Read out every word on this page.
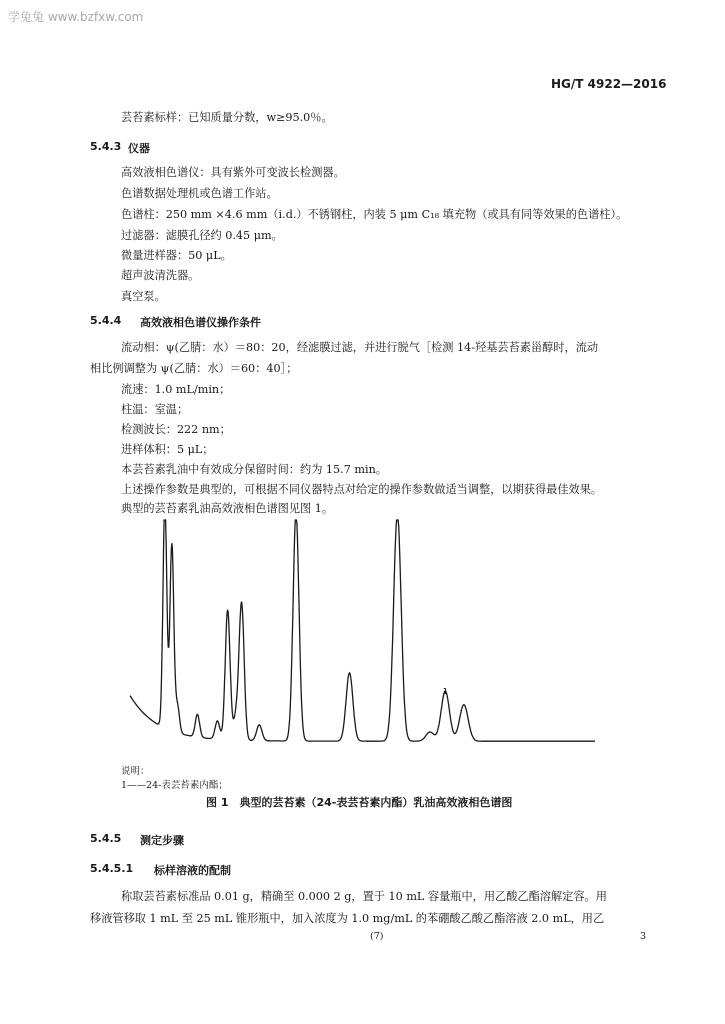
学兔兔 www.bzfxw.com
HG/T 4922—2016
芸苔素标样：已知质量分数，w≥95.0％。
5.4.3 仪器
高效液相色谱仪：具有紫外可变波长检测器。
色谱数据处理机或色谱工作站。
色谱柱：250 mm ×4.6 mm（i.d.）不锈钢柱，内装 5 μm C₁₈ 填充物（或具有同等效果的色谱柱）。
过滤器：滤膜孔径约 0.45 μm。
微量进样器：50 μL。
超声波清洗器。
真空泵。
5.4.4 高效液相色谱仪操作条件
流动相：ψ(乙腈：水）＝80：20，经滤膜过滤，并进行脱气［检测 14-羟基芸苔素甾醇时，流动
相比例调整为 ψ(乙腈：水）＝60：40］；
流速：1.0 mL/min；
柱温：室温；
检测波长：222 nm；
进样体积：5 μL；
本芸苔素乳油中有效成分保留时间：约为 15.7 min。
上述操作参数是典型的，可根据不同仪器特点对给定的操作参数做适当调整，以期获得最佳效果。
典型的芸苔素乳油高效液相色谱图见图 1。
1
说明：
1——24-表芸苔素内酯；
图 1　典型的芸苔素（24-表芸苔素内酯）乳油高效液相色谱图
5.4.5 测定步骤
5.4.5.1 标样溶液的配制
称取芸苔素标准品 0.01 g，精确至 0.000 2 g，置于 10 mL 容量瓶中，用乙酸乙酯溶解定容。用
移液管移取 1 mL 至 25 mL 锥形瓶中，加入浓度为 1.0 mg/mL 的苯硼酸乙酸乙酯溶液 2.0 mL，用乙
(7)	3
